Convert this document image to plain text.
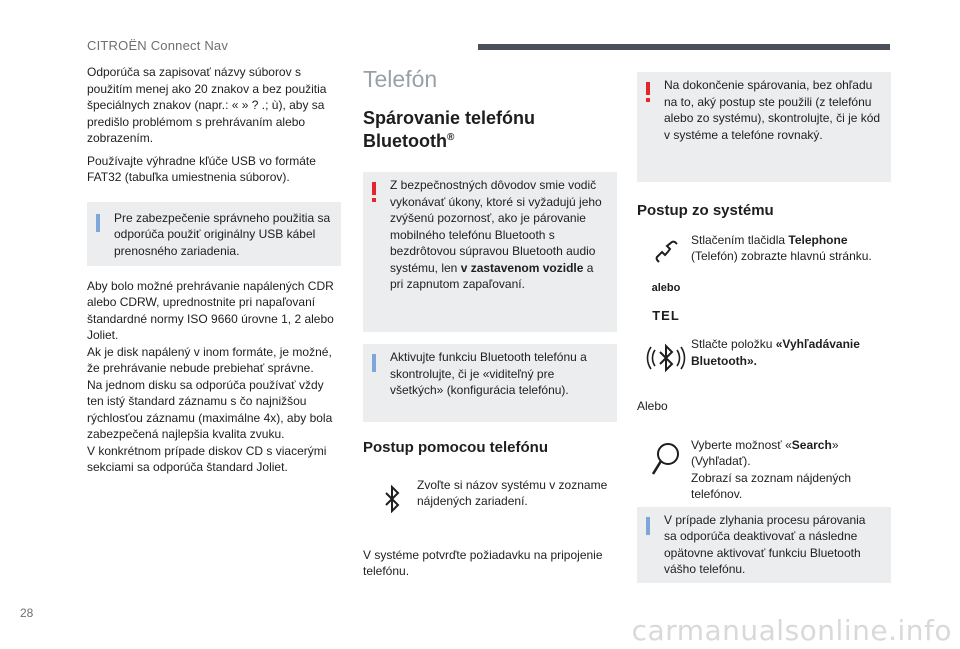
CITROËN Connect Nav

Odporúča sa zapisovať názvy súborov s použitím menej ako 20 znakov a bez použitia špeciálnych znakov (napr.: « » ? .; ù), aby sa predišlo problémom s prehrávaním alebo zobrazením.

Používajte výhradne kľúče USB vo formáte FAT32 (tabuľka umiestnenia súborov).

Pre zabezpečenie správneho použitia sa odporúča použiť originálny USB kábel prenosného zariadenia.

Aby bolo možné prehrávanie napálených CDR alebo CDRW, uprednostnite pri napaľovaní štandardné normy ISO 9660 úrovne 1, 2 alebo Joliet.

Ak je disk napálený v inom formáte, je možné, že prehrávanie nebude prebiehať správne.

Na jednom disku sa odporúča používať vždy ten istý štandard záznamu s čo najnižšou rýchlosťou záznamu (maximálne 4x), aby bola zabezpečená najlepšia kvalita zvuku.

V konkrétnom prípade diskov CD s viacerými sekciami sa odporúča štandard Joliet.

Telefón
Spárovanie telefónu
Bluetooth®
Z bezpečnostných dôvodov smie vodič vykonávať úkony, ktoré si vyžadujú jeho zvýšenú pozornosť, ako je párovanie mobilného telefónu Bluetooth s bezdrôtovou súpravou Bluetooth audio systému, len v zastavenom vozidle a pri zapnutom zapaľovaní.
Aktivujte funkciu Bluetooth telefónu a skontrolujte, či je «viditeľný pre všetkých» (konfigurácia telefónu).
Postup pomocou telefónu
Zvoľte si názov systému v zozname nájdených zariadení.

V systéme potvrďte požiadavku na pripojenie telefónu.

Na dokončenie spárovania, bez ohľadu na to, aký postup ste použili (z telefónu alebo zo systému), skontrolujte, či je kód v systéme a telefóne rovnaký.
Postup zo systému
Stlačením tlačidla Telephone (Telefón) zobrazte hlavnú stránku.
alebo
TEL
Stlačte položku «Vyhľadávanie Bluetooth».

Alebo

Vyberte možnosť «Search» (Vyhľadať).
Zobrazí sa zoznam nájdených telefónov.
V prípade zlyhania procesu párovania sa odporúča deaktivovať a následne opätovne aktivovať funkciu Bluetooth vášho telefónu.
28
carmanualsonline.info
